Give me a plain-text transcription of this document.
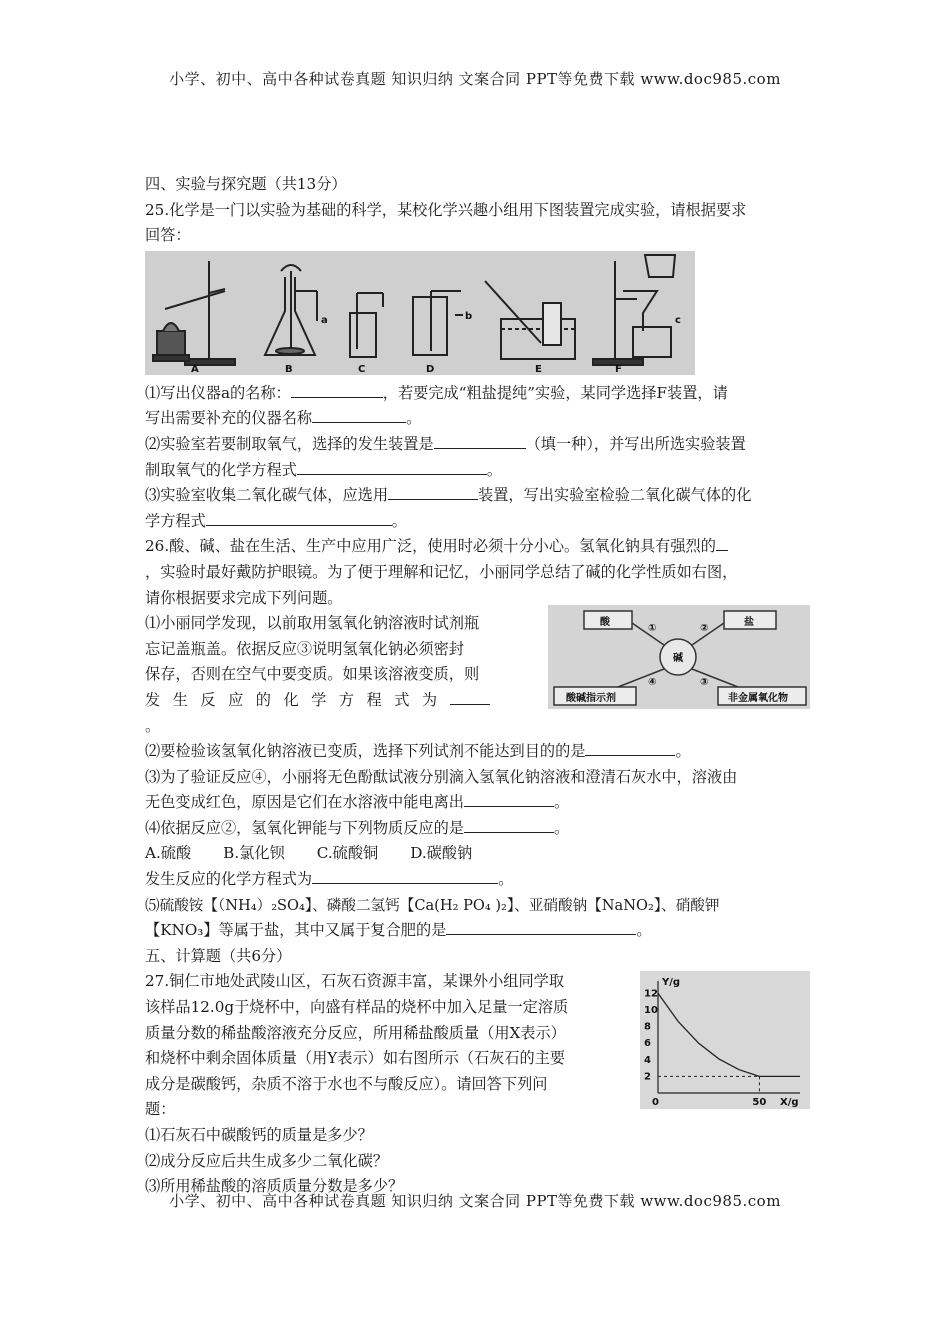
小学、初中、高中各种试卷真题 知识归纳 文案合同 PPT等免费下载 www.doc985.com

四、实验与探究题（共13分）

25.化学是一门以实验为基础的科学，某校化学兴趣小组用下图装置完成实验，请根据要求

回答：

A	B	C	D	E	F
a	b	c

⑴写出仪器a的名称：	，若要完成“粗盐提纯”实验，某同学选择F装置，请

写出需要补充的仪器名称	。

⑵实验室若要制取氧气，选择的发生装置是	（填一种），并写出所选实验装置

制取氧气的化学方程式	。

⑶实验室收集二氧化碳气体，应选用	装置，写出实验室检验二氧化碳气体的化

学方程式	。

26.酸、碱、盐在生活、生产中应用广泛，使用时必须十分小心。氢氧化钠具有强烈的

，实验时最好戴防护眼镜。为了便于理解和记忆，小丽同学总结了碱的化学性质如右图，

请你根据要求完成下列问题。

酸	盐
酸碱指示剂	非金属氧化物
碱
①	②
④	③

⑴小丽同学发现，以前取用氢氧化钠溶液时试剂瓶

忘记盖瓶盖。依据反应③说明氢氧化钠必须密封

保存，否则在空气中要变质。如果该溶液变质，则

发生反应的化学方程式为

。

⑵要检验该氢氧化钠溶液已变质，选择下列试剂不能达到目的的是	。

⑶为了验证反应④，小丽将无色酚酞试液分别滴入氢氧化钠溶液和澄清石灰水中，溶液由

无色变成红色，原因是它们在水溶液中能电离出	。

⑷依据反应②，氢氧化钾能与下列物质反应的是	。

A.硫酸 B.氯化钡 C.硫酸铜 D.碳酸钠

发生反应的化学方程式为	。

⑸硫酸铵【（NH₄）₂SO₄】、磷酸二氢钙【Ca(H₂ PO₄ )₂】、亚硝酸钠【NaNO₂】、硝酸钾

【KNO₃】等属于盐，其中又属于复合肥的是	。

五、计算题（共6分）

Y/g
X/g
0
2
4
6
8
10
12
50

27.铜仁市地处武陵山区，石灰石资源丰富，某课外小组同学取

该样品12.0g于烧杯中，向盛有样品的烧杯中加入足量一定溶质

质量分数的稀盐酸溶液充分反应，所用稀盐酸质量（用X表示）

和烧杯中剩余固体质量（用Y表示）如右图所示（石灰石的主要

成分是碳酸钙，杂质不溶于水也不与酸反应）。请回答下列问

题：

⑴石灰石中碳酸钙的质量是多少？

⑵成分反应后共生成多少二氧化碳？

⑶所用稀盐酸的溶质质量分数是多少？

小学、初中、高中各种试卷真题 知识归纳 文案合同 PPT等免费下载 www.doc985.com
